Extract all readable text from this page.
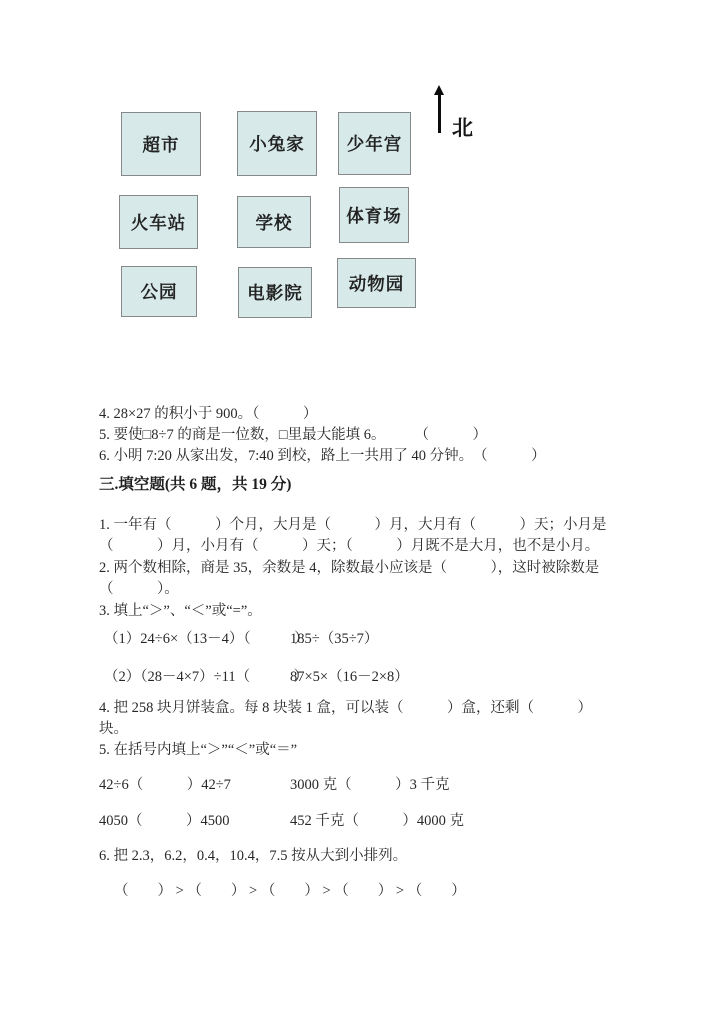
超市	小兔家	少年宫
火车站	学校	体育场
公园	电影院	动物园
北
4. 28×27 的积小于 900。（　　　）
5. 要使□8÷7 的商是一位数，□里最大能填 6。　　　（　　　）
6. 小明 7:20 从家出发，7:40 到校，路上一共用了 40 分钟。　（　　　）
三.填空题(共 6 题，共 19 分)
1. 一年有（　　　）个月，大月是（　　　）月，大月有（　　　）天；小月是
（　　　）月，小月有（　　　）天；（　　　）月既不是大月，也不是小月。
2. 两个数相除，商是 35，余数是 4，除数最小应该是（　　　），这时被除数是
（　　　）。
3. 填上“＞”、“＜”或“=”。
（1）24÷6×（13－4）（　　　）
185÷（35÷7）
（2）（28－4×7）÷11（　　　）
87×5×（16－2×8）
4. 把 258 块月饼装盒。每 8 块装 1 盒，可以装（　　　）盒，还剩（　　　）
块。
5. 在括号内填上“＞”“＜”或“＝”
42÷6（　　　）42÷7	3000 克（　　　）3 千克
4050（　　　）4500	452 千克（　　　）4000 克
6. 把 2.3，6.2，0.4，10.4，7.5 按从大到小排列。
（　　） > （　　） > （　　） > （　　） > （　　）
